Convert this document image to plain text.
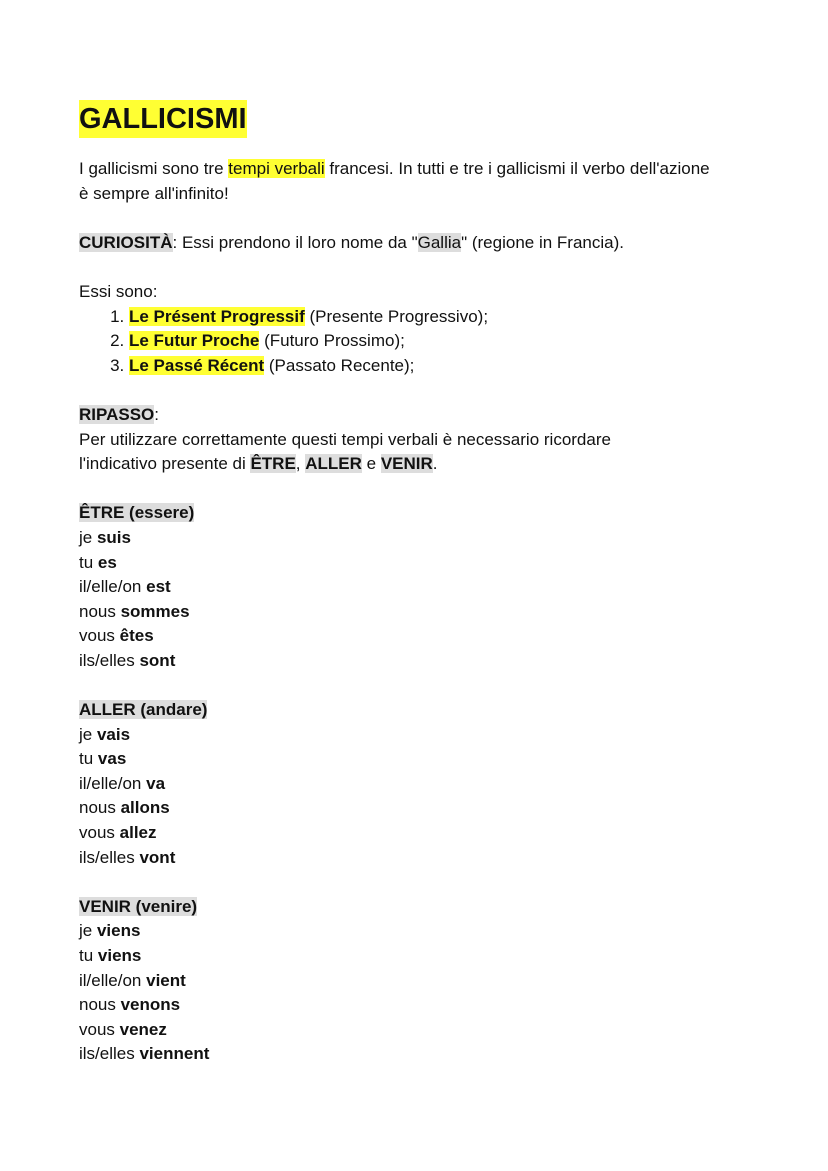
GALLICISMI

I gallicismi sono tre tempi verbali francesi. In tutti e tre i gallicismi il verbo dell'azione è sempre all'infinito!

CURIOSITÀ: Essi prendono il loro nome da "Gallia" (regione in Francia).

Essi sono:

1. Le Présent Progressif (Presente Progressivo);
2. Le Futur Proche (Futuro Prossimo);
3. Le Passé Récent (Passato Recente);

RIPASSO:

Per utilizzare correttamente questi tempi verbali è necessario ricordare

l'indicativo presente di ÊTRE, ALLER e VENIR.

ÊTRE (essere)

je suis

tu es

il/elle/on est

nous sommes

vous êtes

ils/elles sont

ALLER (andare)

je vais

tu vas

il/elle/on va

nous allons

vous allez

ils/elles vont

VENIR (venire)

je viens

tu viens

il/elle/on vient

nous venons

vous venez

ils/elles viennent
